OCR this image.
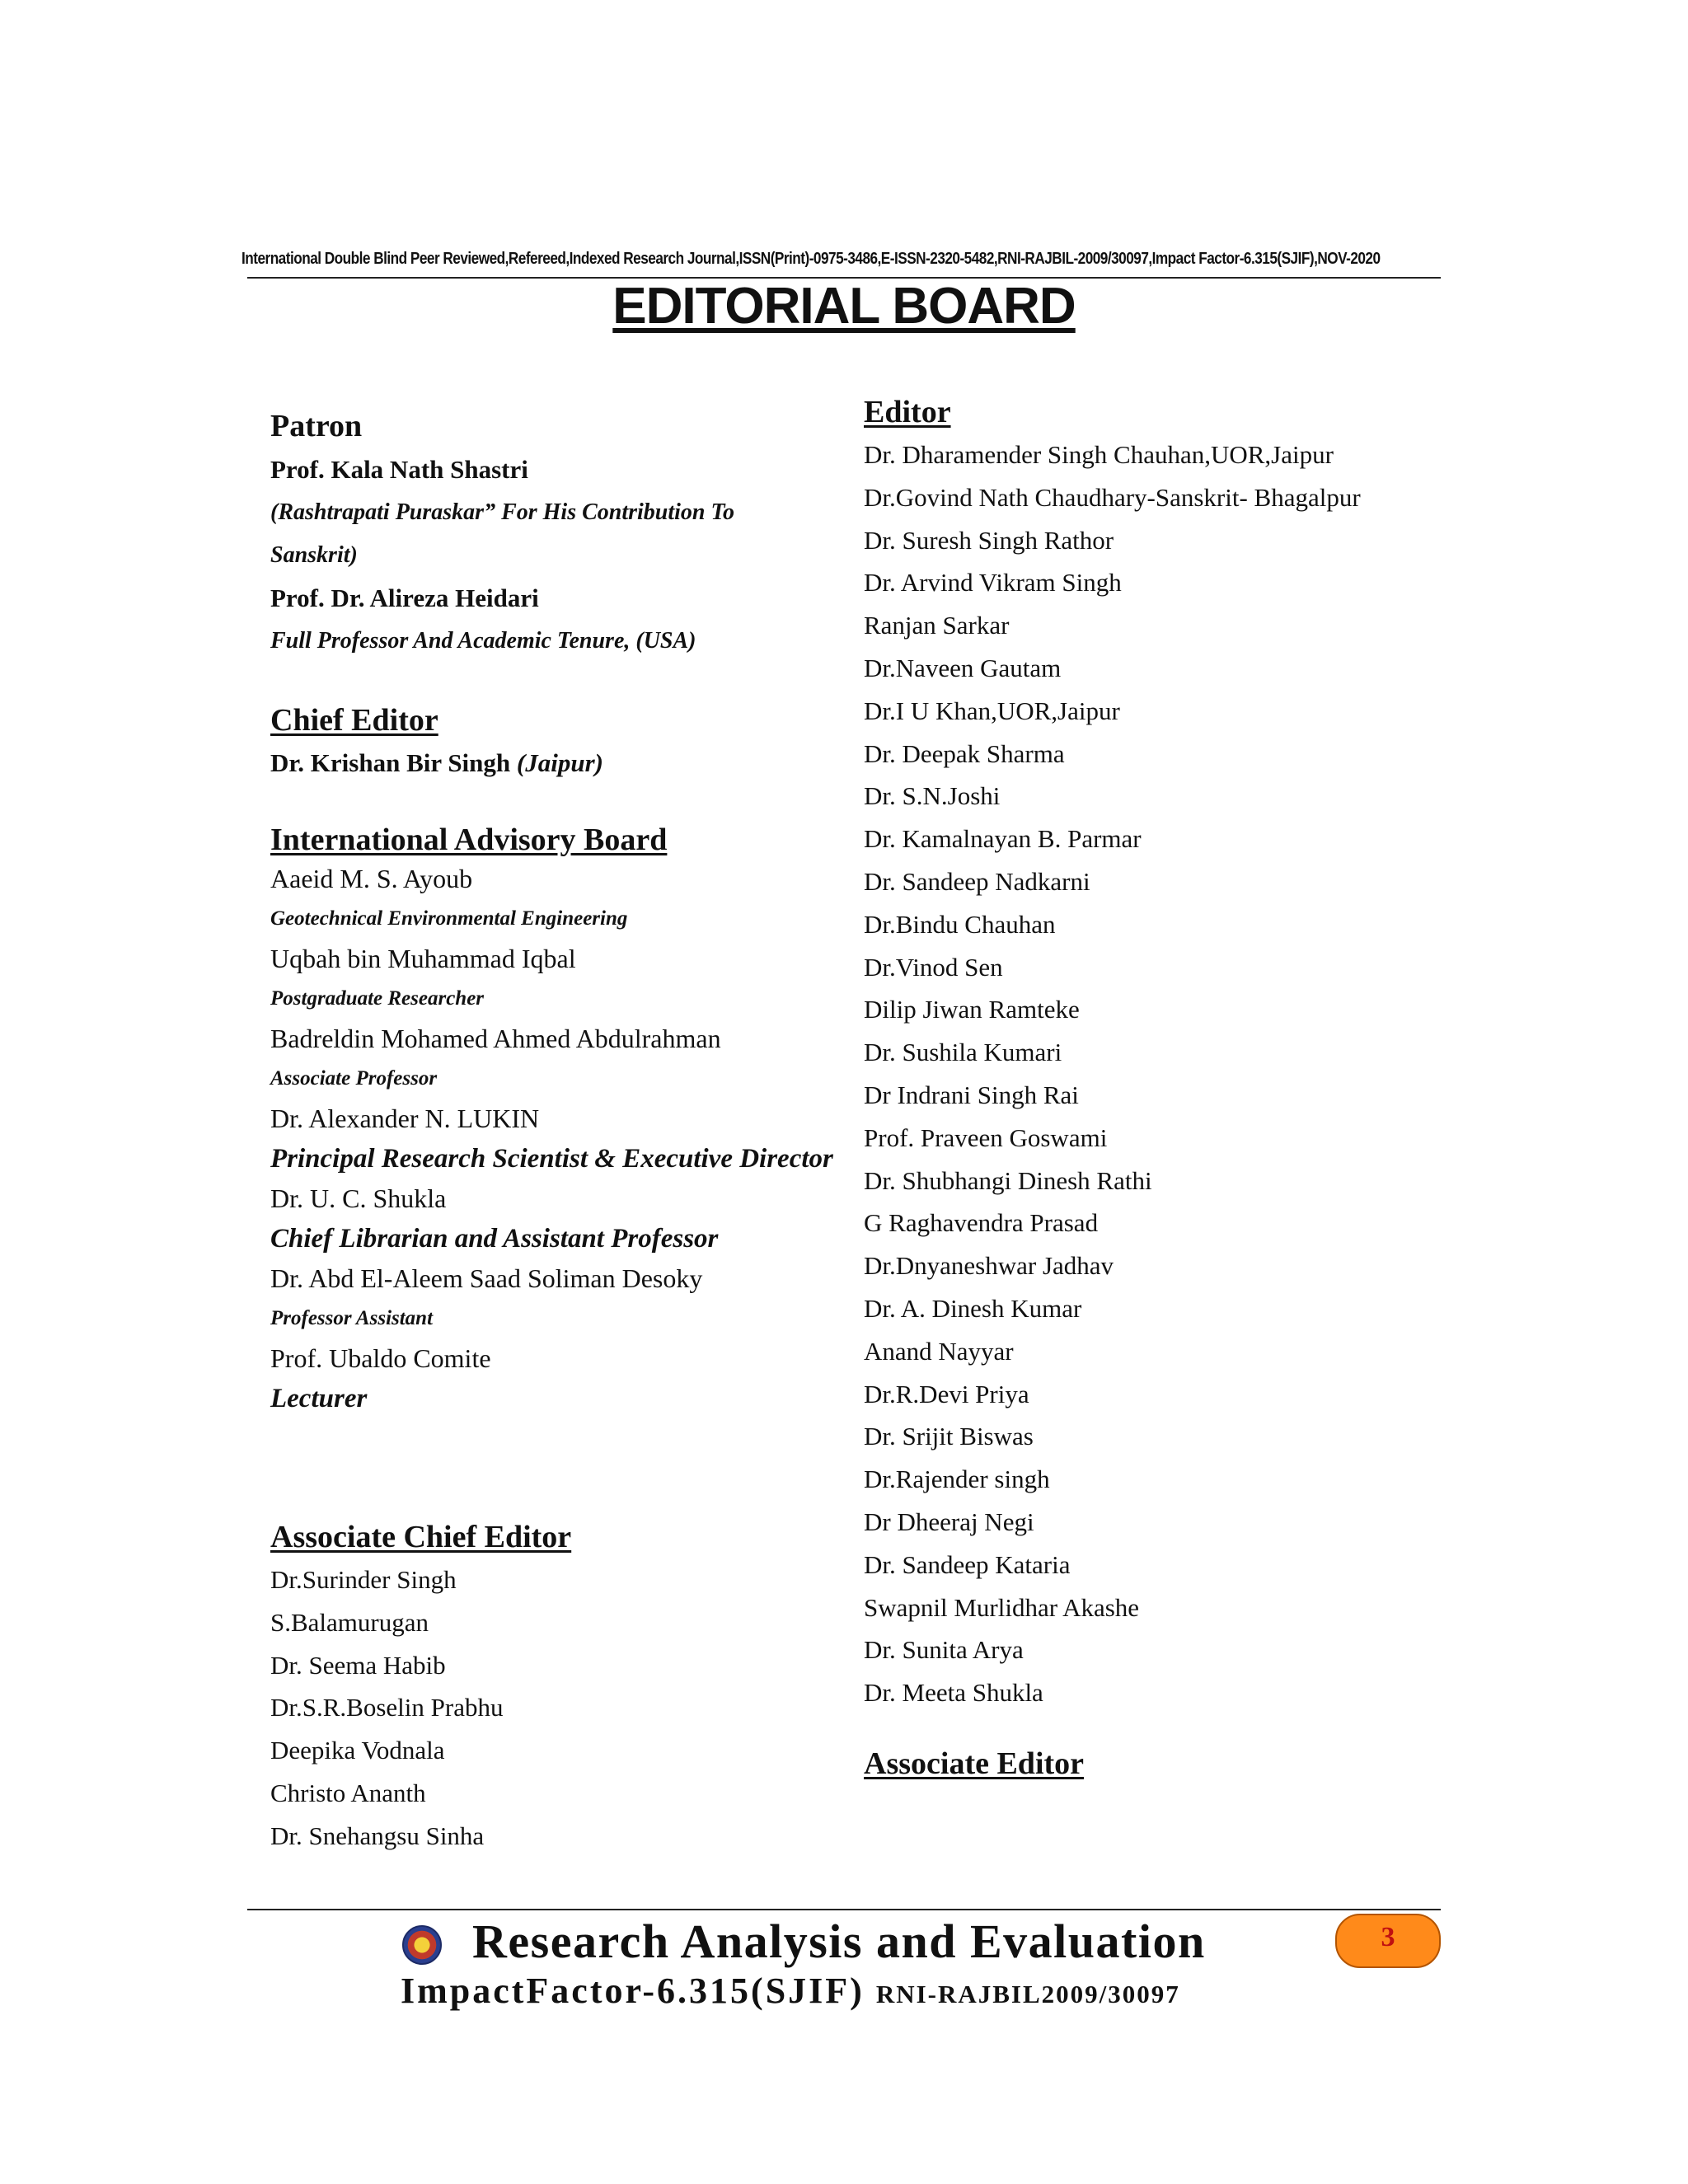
International Double Blind Peer Reviewed,Refereed,Indexed Research Journal,ISSN(Print)-0975-3486,E-ISSN-2320-5482,RNI-RAJBIL-2009/30097,Impact Factor-6.315(SJIF),NOV-2020
EDITORIAL BOARD
Patron
Prof. Kala Nath Shastri
(Rashtrapati Puraskar” For His Contribution To
Sanskrit)
Prof. Dr. Alireza Heidari
Full Professor And Academic Tenure, (USA)
Chief Editor
Dr. Krishan Bir Singh (Jaipur)
International Advisory Board
Aaeid M. S. Ayoub
Geotechnical Environmental Engineering
Uqbah bin Muhammad Iqbal
Postgraduate Researcher
Badreldin Mohamed Ahmed Abdulrahman
Associate Professor
Dr. Alexander N. LUKIN
Principal Research Scientist & Executive Director
Dr. U. C. Shukla
Chief Librarian and Assistant Professor
Dr. Abd El-Aleem Saad Soliman Desoky
Professor Assistant
Prof. Ubaldo Comite
Lecturer
Associate Chief Editor
Dr.Surinder Singh
S.Balamurugan
Dr. Seema Habib
Dr.S.R.Boselin Prabhu
Deepika Vodnala
Christo Ananth
Dr. Snehangsu Sinha
Editor
Dr. Dharamender Singh Chauhan,UOR,Jaipur
Dr.Govind Nath Chaudhary-Sanskrit- Bhagalpur
Dr. Suresh Singh Rathor
Dr. Arvind Vikram Singh
Ranjan Sarkar
Dr.Naveen Gautam
Dr.I U Khan,UOR,Jaipur
Dr. Deepak Sharma
Dr. S.N.Joshi
Dr. Kamalnayan B. Parmar
Dr. Sandeep Nadkarni
Dr.Bindu Chauhan
Dr.Vinod Sen
Dilip Jiwan Ramteke
Dr. Sushila Kumari
Dr Indrani Singh Rai
Prof. Praveen Goswami
Dr. Shubhangi Dinesh Rathi
G Raghavendra Prasad
Dr.Dnyaneshwar Jadhav
Dr. A. Dinesh Kumar
Anand Nayyar
Dr.R.Devi Priya
Dr. Srijit Biswas
Dr.Rajender singh
Dr Dheeraj Negi
Dr. Sandeep Kataria
Swapnil Murlidhar Akashe
Dr. Sunita Arya
Dr. Meeta Shukla
Associate Editor
Research Analysis and Evaluation	3
ImpactFactor-6.315(SJIF) RNI-RAJBIL2009/30097
